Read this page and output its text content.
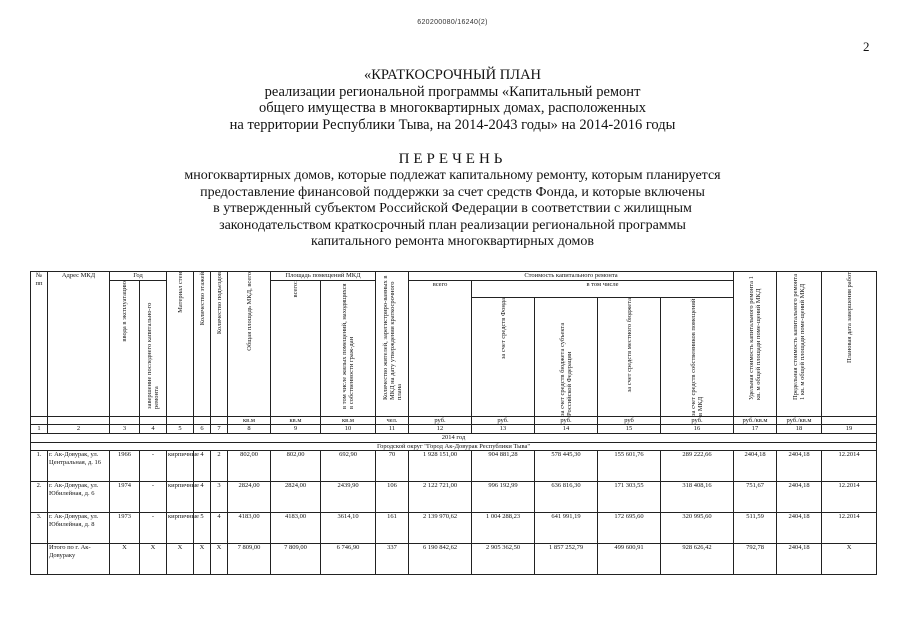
620200080/16240(2)
2
«КРАТКОСРОЧНЫЙ ПЛАН
реализации региональной программы «Капитальный ремонт
общего имущества в многоквартирных домах, расположенных
на территории Республики Тыва, на 2014-2043 годы» на 2014-2016 годы
ПЕРЕЧЕНЬ
многоквартирных домов, которые подлежат капитальному ремонту, которым планируется
предоставление финансовой поддержки за счет средств Фонда, и которые включены
в утвержденный субъектом Российской Федерации в соответствии с жилищным
законодательством краткосрочный план реализации региональной программы
капитального ремонта многоквартирных домов
№ пп	Адрес МКД	Год		Материал стен	Количество этажей	Количество подъездов	Общая площадь МКД, всего	Площадь помещений МКД		Количество жителей, зарегистриро-ванных в МКД на дату утверждения краткосрочного плана	Стоимость капитального ремонта					Удельная стоимость капитального ремонта 1 кв. м общей площади поме-щений МКД	Предельная стоимость капитального ремонта 1 кв. м общей площади поме-щений МКД	Плановая дата завершения работ

		ввода в эксплуатацию	завершение последнего капитально-го ремонта					всего:	в том числе жилых помещений, находящихся в собственности граж-дан		всего	в том числе						

												за счет средств Фонда	за счет средств бюджета субъекта Российской Федерации	за счет средств местного бюджета	за счет средств собственников помещений в МКД			

							кв.м	кв.м	кв.м	чел.	руб.	руб.	руб.	руб	руб.	руб./кв.м	руб./кв.м	
1	2	3	4	5	6	7	8	9	10	11	12	13	14	15	16	17	18	19
2014 год																		
Городской округ "Город Ак-Довурак Республики Тыва"																		
1.	г. Ак-Довурак, ул. Центральная, д. 16	1966	-	кирпичные	4	2	802,00	802,00	692,90	70	1 928 151,00	904 881,28	578 445,30	155 601,76	289 222,66	2404,18	2404,18	12.2014
2.	г. Ак-Довурак, ул. Юбилейная, д. 6	1974	-	кирпичные	4	3	2824,00	2824,00	2439,90	106	2 122 721,00	996 192,99	636 816,30	171 303,55	318 408,16	751,67	2404,18	12.2014
3.	г. Ак-Довурак, ул. Юбилейная, д. 8	1973	-	кирпичные	5	4	4183,00	4183,00	3614,10	161	2 139 970,62	1 004 288,23	641 991,19	172 695,60	320 995,60	511,59	2404,18	12.2014
	Итого по г. Ак-Довураку	Х	Х	Х	Х	Х	7 809,00	7 809,00	6 746,90	337	6 190 842,62	2 905 362,50	1 857 252,79	499 600,91	928 626,42	792,78	2404,18	Х
